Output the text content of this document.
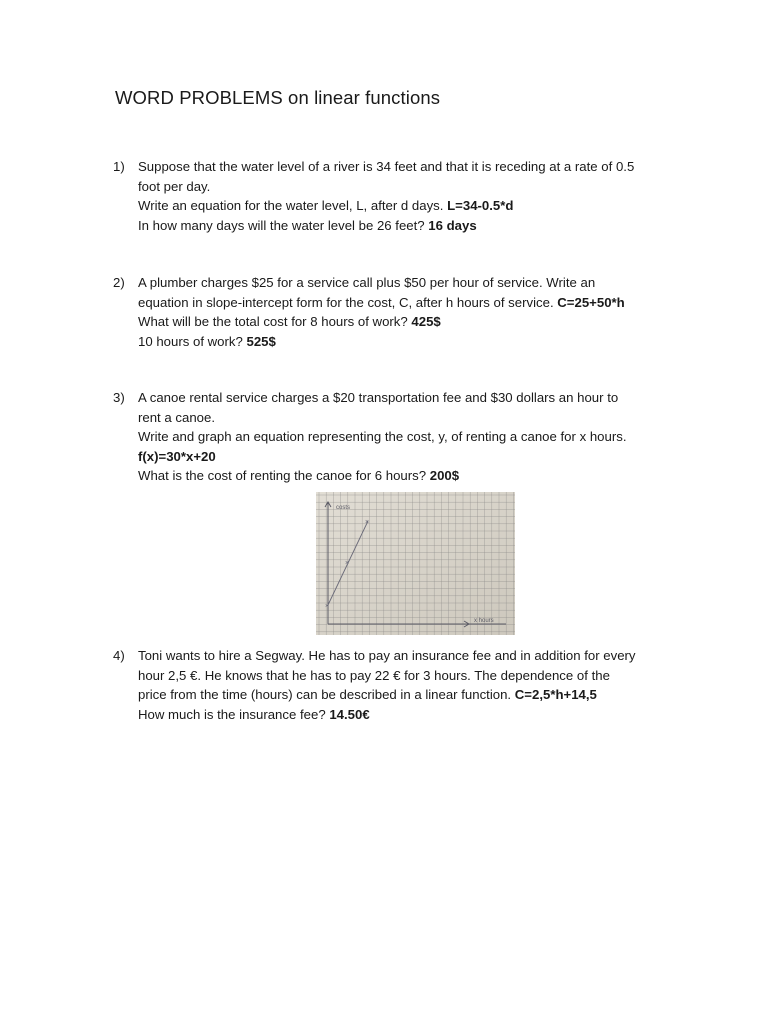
WORD PROBLEMS on linear functions
1) Suppose that the water level of a river is 34 feet and that it is receding at a rate of 0.5
foot per day.
Write an equation for the water level, L, after d days. L=34-0.5*d
In how many days will the water level be 26 feet? 16 days
2) A plumber charges $25 for a service call plus $50 per hour of service. Write an
equation in slope-intercept form for the cost, C, after h hours of service. C=25+50*h
What will be the total cost for 8 hours of work? 425$
10 hours of work? 525$
3) A canoe rental service charges a $20 transportation fee and $30 dollars an hour to
rent a canoe.
Write and graph an equation representing the cost, y, of renting a canoe for x hours.
f(x)=30*x+20
What is the cost of renting the canoe for 6 hours? 200$
costs
x hours
×
×
×
4) Toni wants to hire a Segway. He has to pay an insurance fee and in addition for every
hour 2,5 €. He knows that he has to pay 22 € for 3 hours. The dependence of the
price from the time (hours) can be described in a linear function. C=2,5*h+14,5
How much is the insurance fee? 14.50€
